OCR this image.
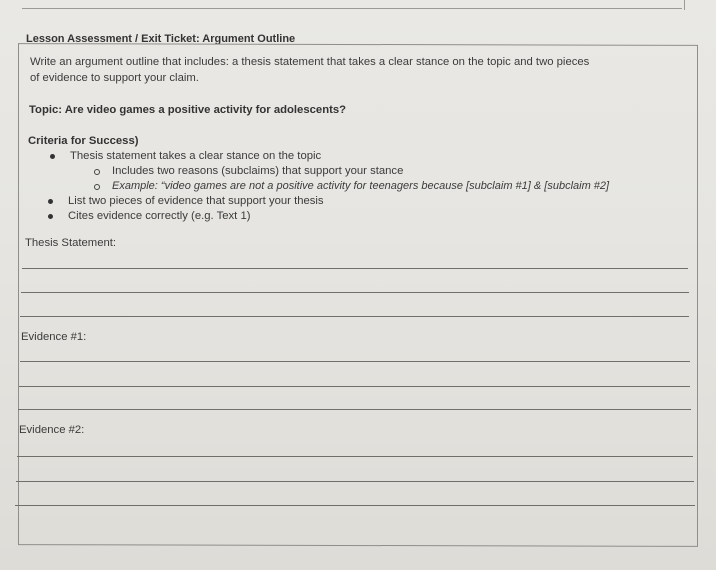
Lesson Assessment / Exit Ticket: Argument Outline
Write an argument outline that includes: a thesis statement that takes a clear stance on the topic and two pieces
of evidence to support your claim.
Topic: Are video games a positive activity for adolescents?
Criteria for Success)
Thesis statement takes a clear stance on the topic
Includes two reasons (subclaims) that support your stance
Example: “video games are not a positive activity for teenagers because [subclaim #1] & [subclaim #2]
List two pieces of evidence that support your thesis
Cites evidence correctly (e.g. Text 1)
Thesis Statement:
Evidence #1:
Evidence #2:
